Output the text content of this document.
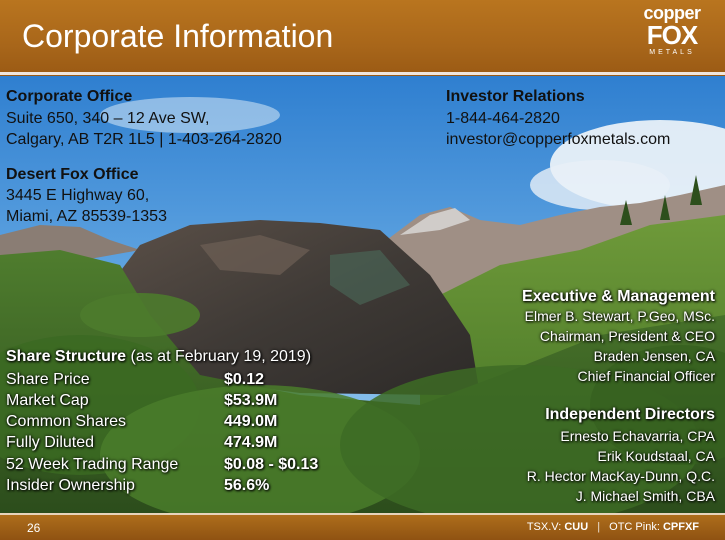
Corporate Information
copper
FOX
METALS
Corporate Office
Suite 650, 340 – 12 Ave SW,
Calgary, AB T2R 1L5 | 1-403-264-2820
Desert Fox Office
3445 E Highway 60,
Miami, AZ 85539-1353
Investor Relations
1-844-464-2820
investor@copperfoxmetals.com
Share Structure (as at February 19, 2019)
Share Price	$0.12
Market Cap	$53.9M
Common Shares	449.0M
Fully Diluted	474.9M
52 Week Trading Range	$0.08 - $0.13
Insider Ownership	56.6%
Executive & Management
Elmer B. Stewart, P.Geo, MSc.
Chairman, President & CEO
Braden Jensen, CA
Chief Financial Officer
Independent Directors
Ernesto Echavarria, CPA
Erik Koudstaal, CA
R. Hector MacKay-Dunn, Q.C.
J. Michael Smith, CBA
26	TSX.V: CUU | OTC Pink: CPFXF
